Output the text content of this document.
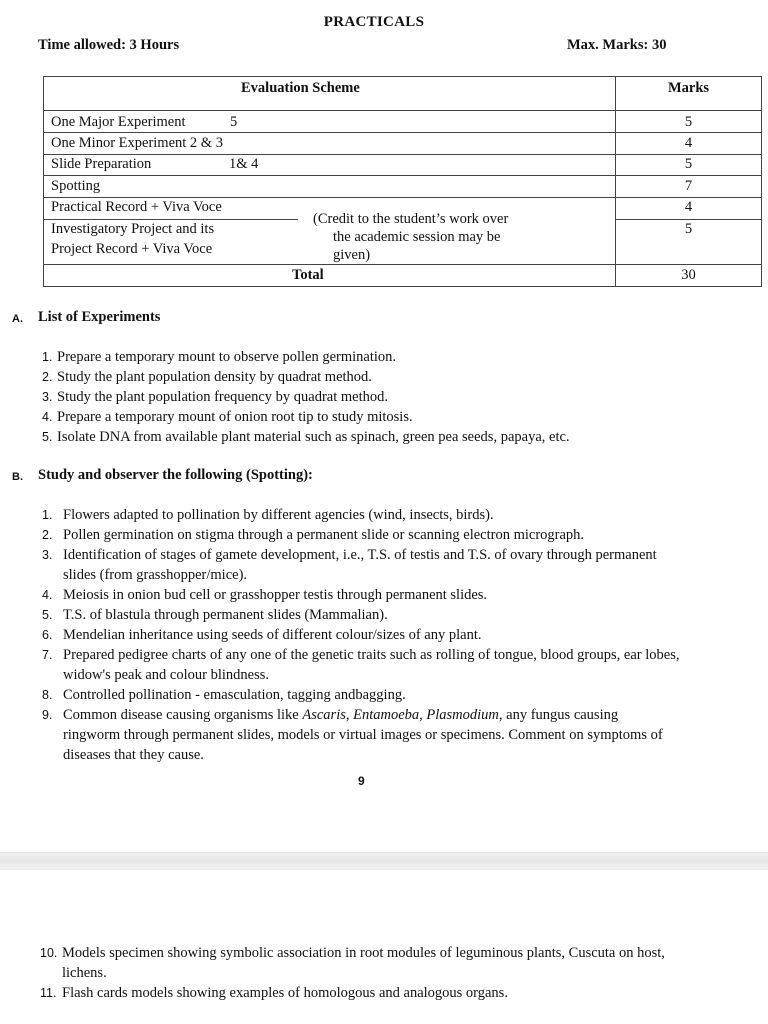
PRACTICALS
Time allowed: 3 Hours	Max. Marks: 30
Evaluation Scheme	Marks
One Major Experiment	5	5
One Minor Experiment 2 & 3	4
Slide Preparation	1& 4	5
Spotting	7
Practical Record + Viva Voce	4
Investigatory Project and its	5
Project Record + Viva Voce
(Credit to the student’s work over
the academic session may be
given)
Total	30
A. List of Experiments
1. Prepare a temporary mount to observe pollen germination.
2. Study the plant population density by quadrat method.
3. Study the plant population frequency by quadrat method.
4. Prepare a temporary mount of onion root tip to study mitosis.
5. Isolate DNA from available plant material such as spinach, green pea seeds, papaya, etc.
B. Study and observer the following (Spotting):
1. Flowers adapted to pollination by different agencies (wind, insects, birds).
2. Pollen germination on stigma through a permanent slide or scanning electron micrograph.
3. Identification of stages of gamete development, i.e., T.S. of testis and T.S. of ovary through permanent slides (from grasshopper/mice).
4. Meiosis in onion bud cell or grasshopper testis through permanent slides.
5. T.S. of blastula through permanent slides (Mammalian).
6. Mendelian inheritance using seeds of different colour/sizes of any plant.
7. Prepared pedigree charts of any one of the genetic traits such as rolling of tongue, blood groups, ear lobes, widow's peak and colour blindness.
8. Controlled pollination - emasculation, tagging andbagging.
9. Common disease causing organisms like Ascaris, Entamoeba, Plasmodium, any fungus causing ringworm through permanent slides, models or virtual images or specimens. Comment on symptoms of diseases that they cause.
9
10. Models specimen showing symbolic association in root modules of leguminous plants, Cuscuta on host, lichens.
11. Flash cards models showing examples of homologous and analogous organs.
